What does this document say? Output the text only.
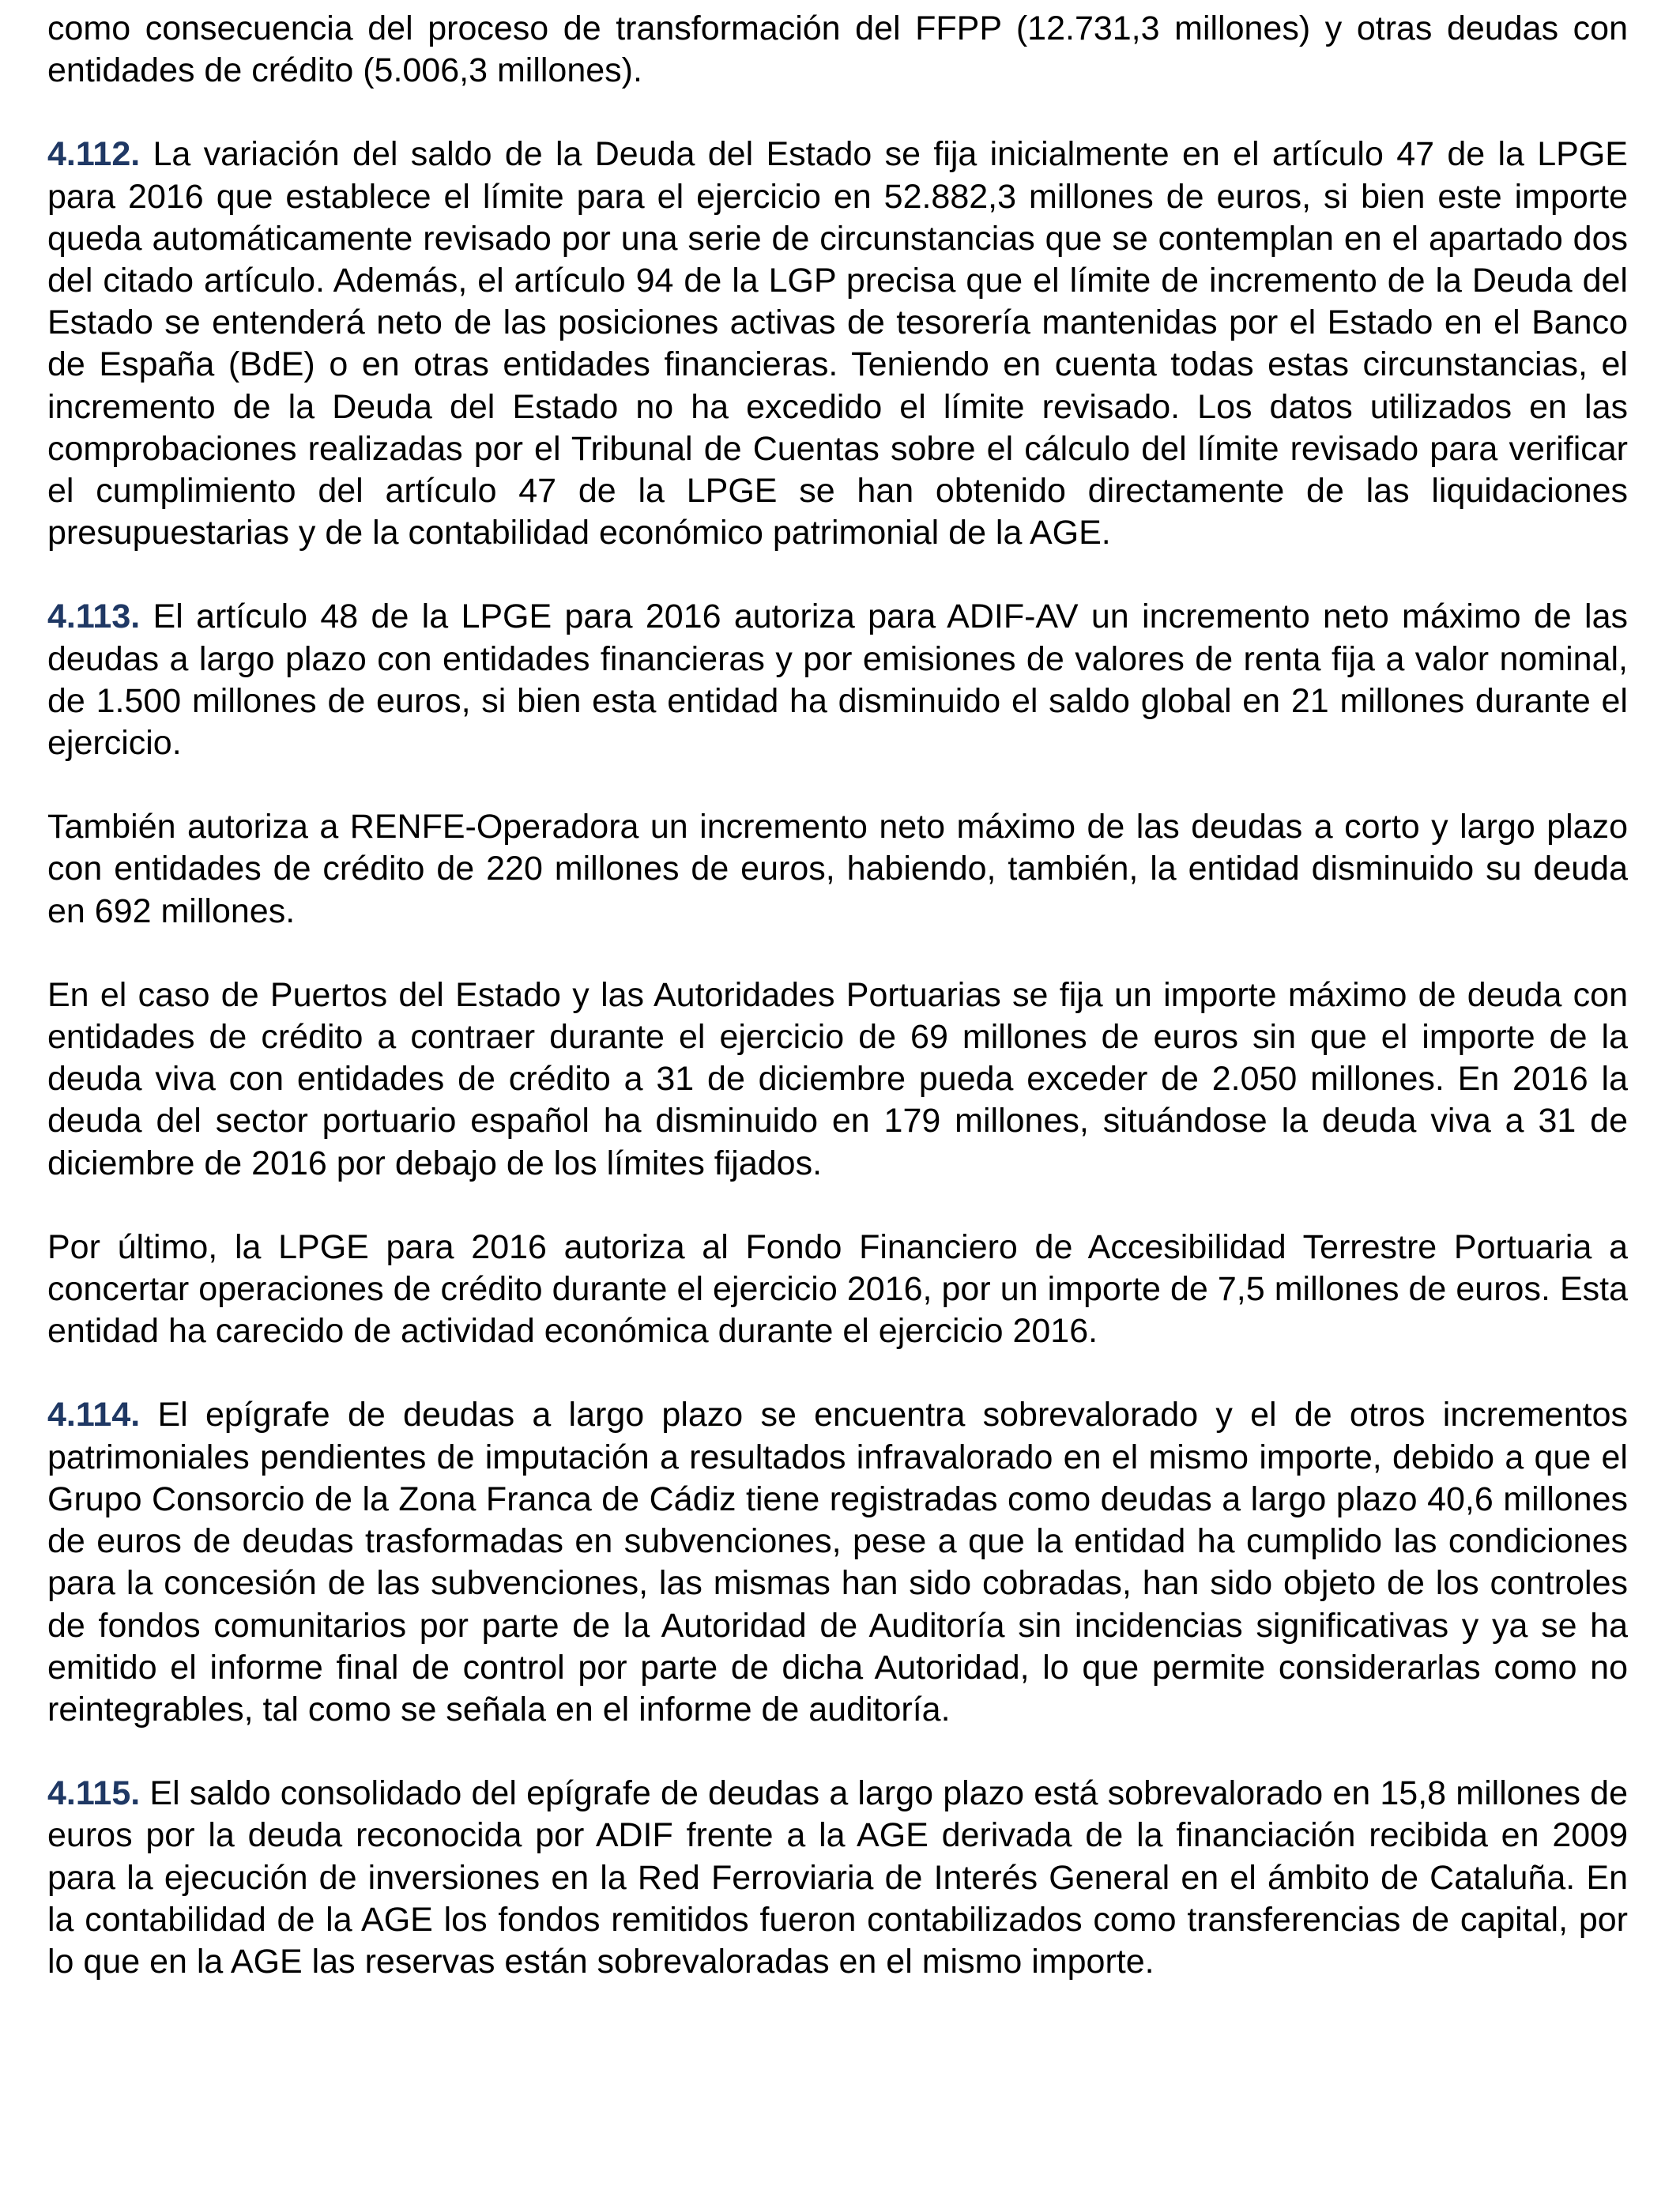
como consecuencia del proceso de transformación del FFPP (12.731,3 millones) y otras deudas con entidades de crédito (5.006,3 millones).

4.112. La variación del saldo de la Deuda del Estado se fija inicialmente en el artículo 47 de la LPGE para 2016 que establece el límite para el ejercicio en 52.882,3 millones de euros, si bien este importe queda automáticamente revisado por una serie de circunstancias que se contemplan en el apartado dos del citado artículo. Además, el artículo 94 de la LGP precisa que el límite de incremento de la Deuda del Estado se entenderá neto de las posiciones activas de tesorería mantenidas por el Estado en el Banco de España (BdE) o en otras entidades financieras. Teniendo en cuenta todas estas circunstancias, el incremento de la Deuda del Estado no ha excedido el límite revisado. Los datos utilizados en las comprobaciones realizadas por el Tribunal de Cuentas sobre el cálculo del límite revisado para verificar el cumplimiento del artículo 47 de la LPGE se han obtenido directamente de las liquidaciones presupuestarias y de la contabilidad económico patrimonial de la AGE.

4.113. El artículo 48 de la LPGE para 2016 autoriza para ADIF-AV un incremento neto máximo de las deudas a largo plazo con entidades financieras y por emisiones de valores de renta fija a valor nominal, de 1.500 millones de euros, si bien esta entidad ha disminuido el saldo global en 21 millones durante el ejercicio.

También autoriza a RENFE-Operadora un incremento neto máximo de las deudas a corto y largo plazo con entidades de crédito de 220 millones de euros, habiendo, también, la entidad disminuido su deuda en 692 millones.

En el caso de Puertos del Estado y las Autoridades Portuarias se fija un importe máximo de deuda con entidades de crédito a contraer durante el ejercicio de 69 millones de euros sin que el importe de la deuda viva con entidades de crédito a 31 de diciembre pueda exceder de 2.050 millones. En 2016 la deuda del sector portuario español ha disminuido en 179 millones, situándose la deuda viva a 31 de diciembre de 2016 por debajo de los límites fijados.

Por último, la LPGE para 2016 autoriza al Fondo Financiero de Accesibilidad Terrestre Portuaria a concertar operaciones de crédito durante el ejercicio 2016, por un importe de 7,5 millones de euros. Esta entidad ha carecido de actividad económica durante el ejercicio 2016.

4.114. El epígrafe de deudas a largo plazo se encuentra sobrevalorado y el de otros incrementos patrimoniales pendientes de imputación a resultados infravalorado en el mismo importe, debido a que el Grupo Consorcio de la Zona Franca de Cádiz tiene registradas como deudas a largo plazo 40,6 millones de euros de deudas trasformadas en subvenciones, pese a que la entidad ha cumplido las condiciones para la concesión de las subvenciones, las mismas han sido cobradas, han sido objeto de los controles de fondos comunitarios por parte de la Autoridad de Auditoría sin incidencias significativas y ya se ha emitido el informe final de control por parte de dicha Autoridad, lo que permite considerarlas como no reintegrables, tal como se señala en el informe de auditoría.

4.115. El saldo consolidado del epígrafe de deudas a largo plazo está sobrevalorado en 15,8 millones de euros por la deuda reconocida por ADIF frente a la AGE derivada de la financiación recibida en 2009 para la ejecución de inversiones en la Red Ferroviaria de Interés General en el ámbito de Cataluña. En la contabilidad de la AGE los fondos remitidos fueron contabilizados como transferencias de capital, por lo que en la AGE las reservas están sobrevaloradas en el mismo importe.
